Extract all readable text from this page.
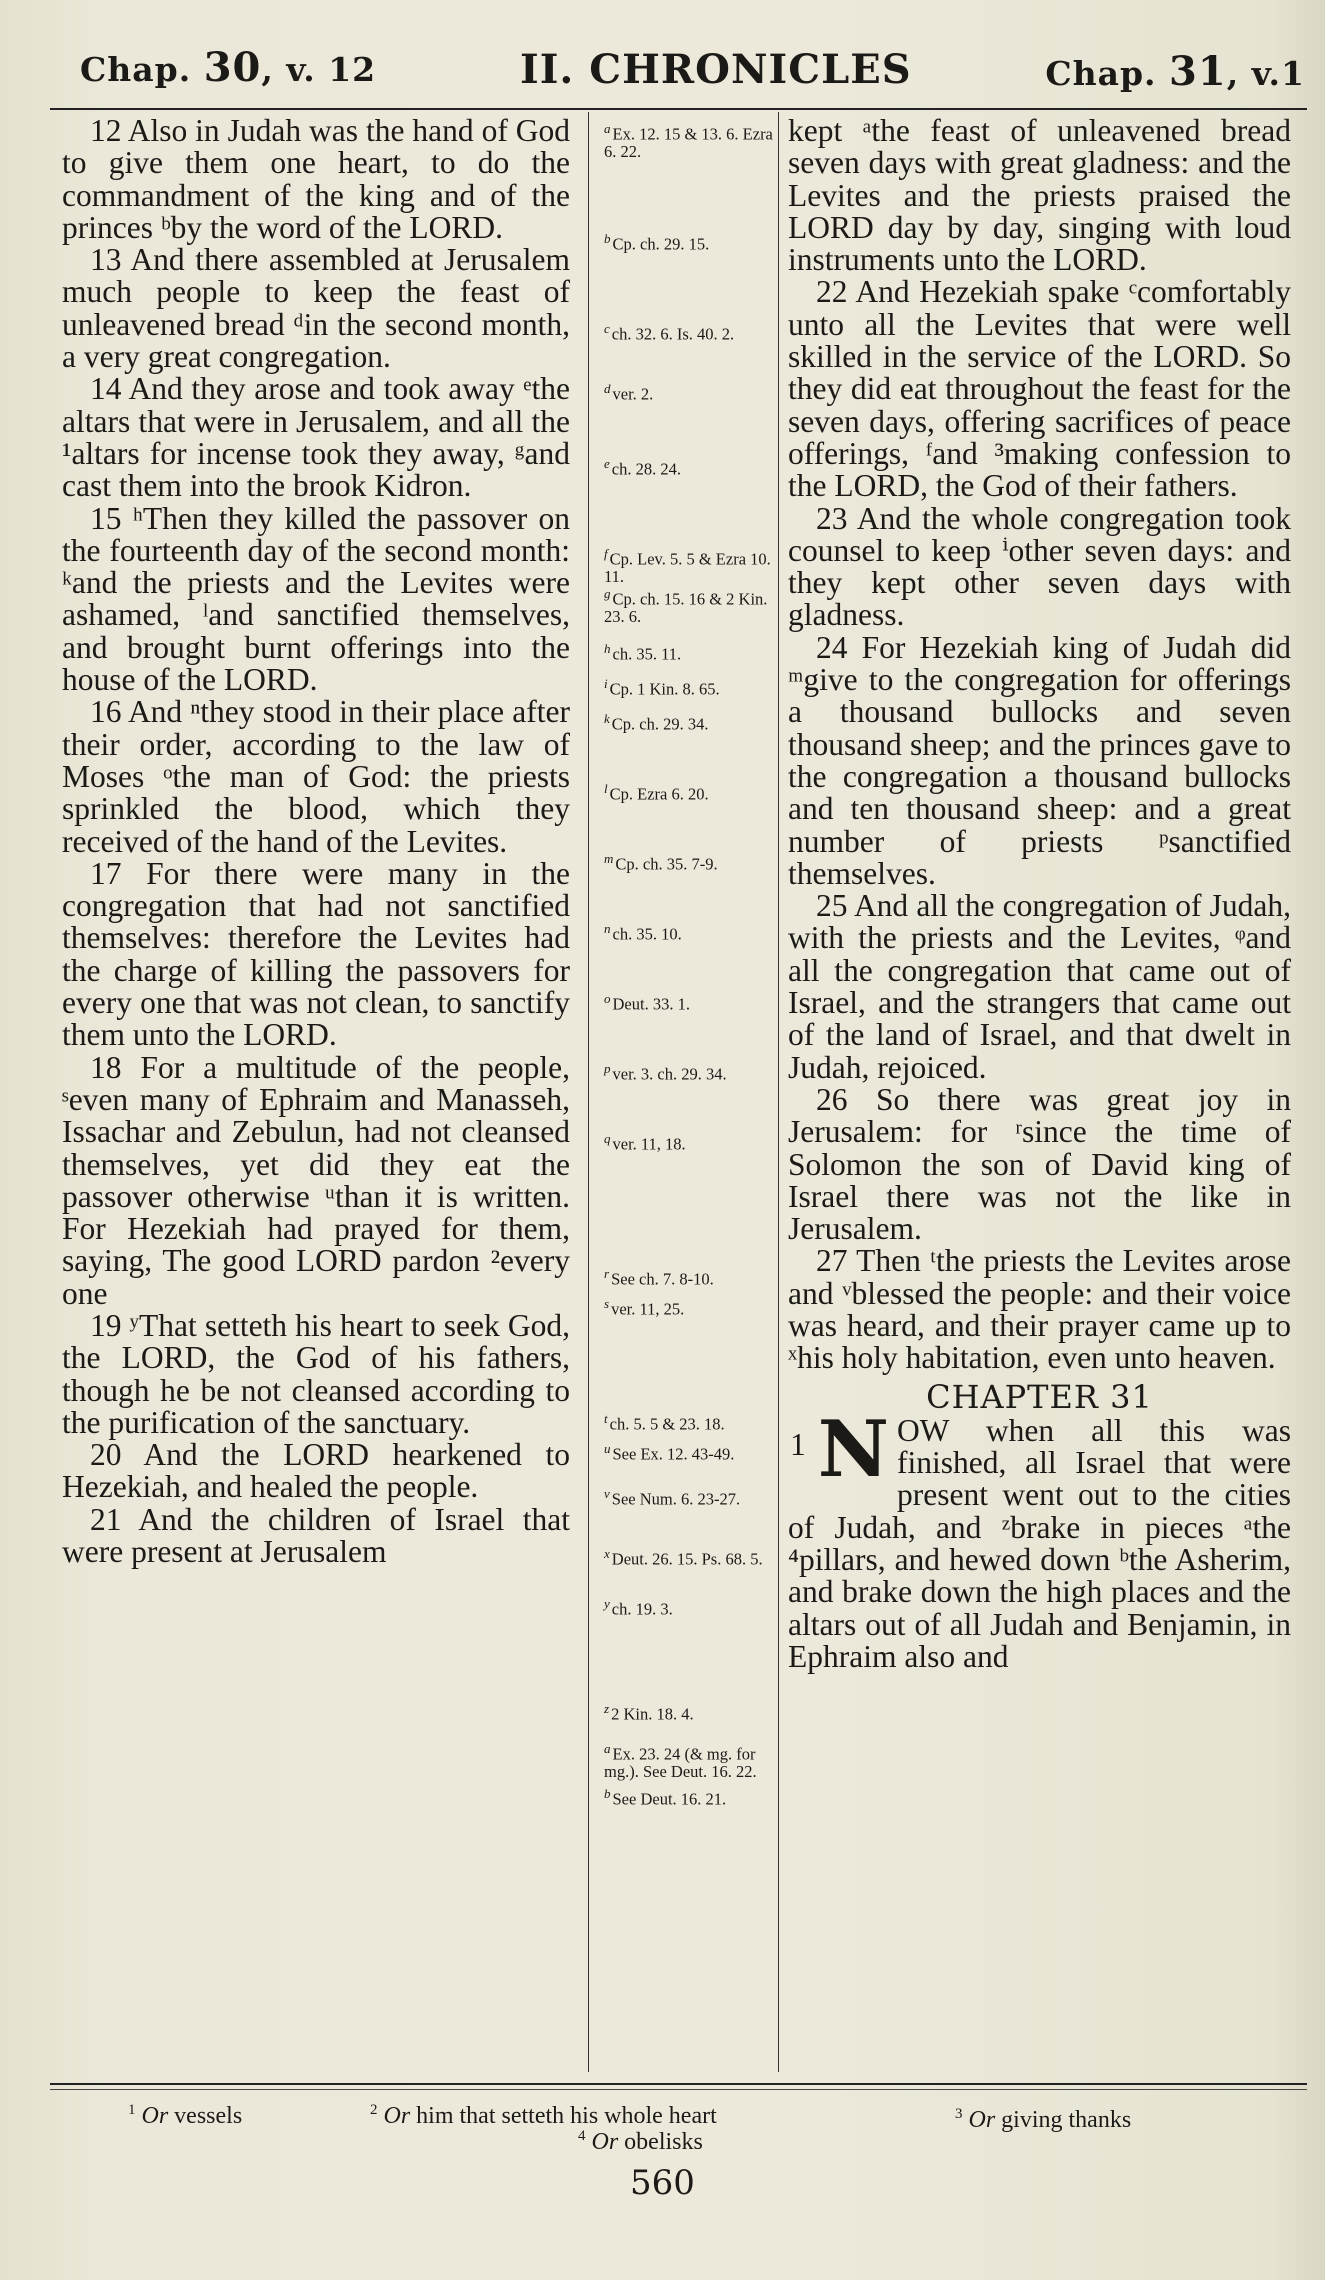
Chap. 30, v. 12	II. CHRONICLES	Chap. 31, v.1

12 Also in Judah was the hand of God to give them one heart, to do the commandment of the king and of the princes ᵇby the word of the LORD.

13 And there assembled at Jerusalem much people to keep the feast of unleavened bread ᵈin the second month, a very great congregation.

14 And they arose and took away ᵉthe altars that were in Jerusalem, and all the ¹altars for incense took they away, ᵍand cast them into the brook Kidron.

15 ʰThen they killed the passover on the fourteenth day of the second month: ᵏand the priests and the Levites were ashamed, ˡand sanctified themselves, and brought burnt offerings into the house of the LORD.

16 And ⁿthey stood in their place after their order, according to the law of Moses ᵒthe man of God: the priests sprinkled the blood, which they received of the hand of the Levites.

17 For there were many in the congregation that had not sanctified themselves: therefore the Levites had the charge of killing the passovers for every one that was not clean, to sanctify them unto the LORD.

18 For a multitude of the people, ˢeven many of Ephraim and Manasseh, Issachar and Zebulun, had not cleansed themselves, yet did they eat the passover otherwise ᵘthan it is written. For Hezekiah had prayed for them, saying, The good LORD pardon ²every one

19 ʸThat setteth his heart to seek God, the LORD, the God of his fathers, though he be not cleansed according to the purification of the sanctuary.

20 And the LORD hearkened to Hezekiah, and healed the people.

21 And the children of Israel that were present at Jerusalem

$^a$ Ex. 12. 15 & 13. 6. Ezra 6. 22.
$^b$ Cp. ch. 29. 15.
$^c$ ch. 32. 6. Is. 40. 2.
$^d$ ver. 2.
$^e$ ch. 28. 24.
$^f$ Cp. Lev. 5. 5 & Ezra 10. 11.
$^g$ Cp. ch. 15. 16 & 2 Kin. 23. 6.
$^h$ ch. 35. 11.
$^i$ Cp. 1 Kin. 8. 65.
$^k$ Cp. ch. 29. 34.
$^l$ Cp. Ezra 6. 20.
$^m$ Cp. ch. 35. 7-9.
$^n$ ch. 35. 10.
$^o$ Deut. 33. 1.
$^p$ ver. 3. ch. 29. 34.
$^q$ ver. 11, 18.
$^r$ See ch. 7. 8-10.
$^s$ ver. 11, 25.
$^t$ ch. 5. 5 & 23. 18.
$^u$ See Ex. 12. 43-49.
$^v$ See Num. 6. 23-27.
$^x$ Deut. 26. 15. Ps. 68. 5.
$^y$ ch. 19. 3.
$^z$ 2 Kin. 18. 4.
$^a$ Ex. 23. 24 (& mg. for mg.). See Deut. 16. 22.
$^b$ See Deut. 16. 21.

kept ᵃthe feast of unleavened bread seven days with great gladness: and the Levites and the priests praised the LORD day by day, singing with loud instruments unto the LORD.

22 And Hezekiah spake ᶜcomfortably unto all the Levites that were well skilled in the service of the LORD. So they did eat throughout the feast for the seven days, offering sacrifices of peace offerings, ᶠand ³making confession to the LORD, the God of their fathers.

23 And the whole congregation took counsel to keep ⁱother seven days: and they kept other seven days with gladness.

24 For Hezekiah king of Judah did ᵐgive to the congregation for offerings a thousand bullocks and seven thousand sheep; and the princes gave to the congregation a thousand bullocks and ten thousand sheep: and a great number of priests ᵖsanctified themselves.

25 And all the congregation of Judah, with the priests and the Levites, ᵠand all the congregation that came out of Israel, and the strangers that came out of the land of Israel, and that dwelt in Judah, rejoiced.

26 So there was great joy in Jerusalem: for ʳsince the time of Solomon the son of David king of Israel there was not the like in Jerusalem.

27 Then ᵗthe priests the Levites arose and ᵛblessed the people: and their voice was heard, and their prayer came up to ˣhis holy habitation, even unto heaven.

CHAPTER 31

1 N OW when all this was finished, all Israel that were present went out to the cities of Judah, and ᶻbrake in pieces ᵃthe ⁴pillars, and hewed down ᵇthe Asherim, and brake down the high places and the altars out of all Judah and Benjamin, in Ephraim also and

$^1$ Or vessels	$^2$ Or him that setteth his whole heart	$^3$ Or giving thanks
$^4$ Or obelisks
560
